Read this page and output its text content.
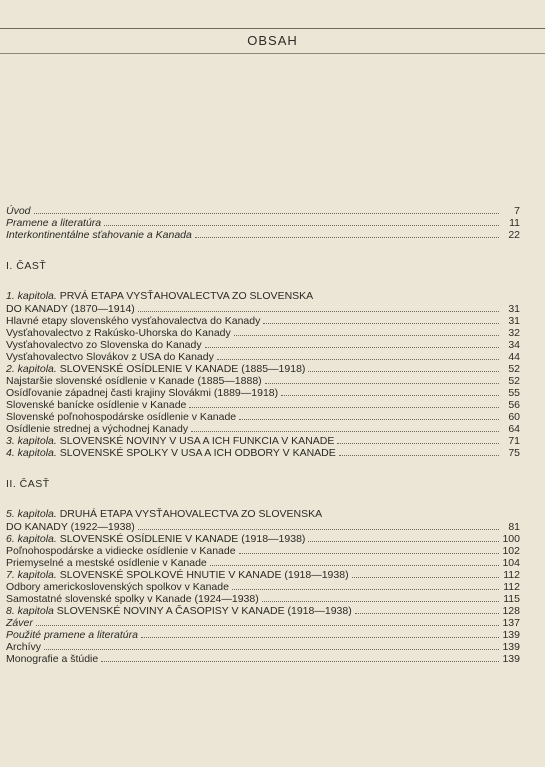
OBSAH
Úvod	7
Pramene a literatúra	11
Interkontinentálne sťahovanie a Kanada	22
I. ČASŤ
1. kapitola. PRVÁ ETAPA VYSŤAHOVALECTVA ZO SLOVENSKA
DO KANADY (1870—1914)	31
Hlavné etapy slovenského vysťahovalectva do Kanady	31
Vysťahovalectvo z Rakúsko-Uhorska do Kanady	32
Vysťahovalectvo zo Slovenska do Kanady	34
Vysťahovalectvo Slovákov z USA do Kanady	44
2. kapitola. SLOVENSKÉ OSÍDLENIE V KANADE (1885—1918)	52
Najstaršie slovenské osídlenie v Kanade (1885—1888)	52
Osídľovanie západnej časti krajiny Slovákmi (1889—1918)	55
Slovenské banícke osídlenie v Kanade	56
Slovenské poľnohospodárske osídlenie v Kanade	60
Osídlenie strednej a východnej Kanady	64
3. kapitola. SLOVENSKÉ NOVINY V USA A ICH FUNKCIA V KANADE	71
4. kapitola. SLOVENSKÉ SPOLKY V USA A ICH ODBORY V KANADE	75
II. ČASŤ
5. kapitola. DRUHÁ ETAPA VYSŤAHOVALECTVA ZO SLOVENSKA
DO KANADY (1922—1938)	81
6. kapitola. SLOVENSKÉ OSÍDLENIE V KANADE (1918—1938)	100
Poľnohospodárske a vidiecke osídlenie v Kanade	102
Priemyselné a mestské osídlenie v Kanade	104
7. kapitola. SLOVENSKÉ SPOLKOVÉ HNUTIE V KANADE (1918—1938)	112
Odbory americkoslovenských spolkov v Kanade	112
Samostatné slovenské spolky v Kanade (1924—1938)	115
8. kapitola SLOVENSKÉ NOVINY A ČASOPISY V KANADE (1918—1938)	128
Záver	137
Použité pramene a literatúra	139
Archívy	139
Monografie a štúdie	139
